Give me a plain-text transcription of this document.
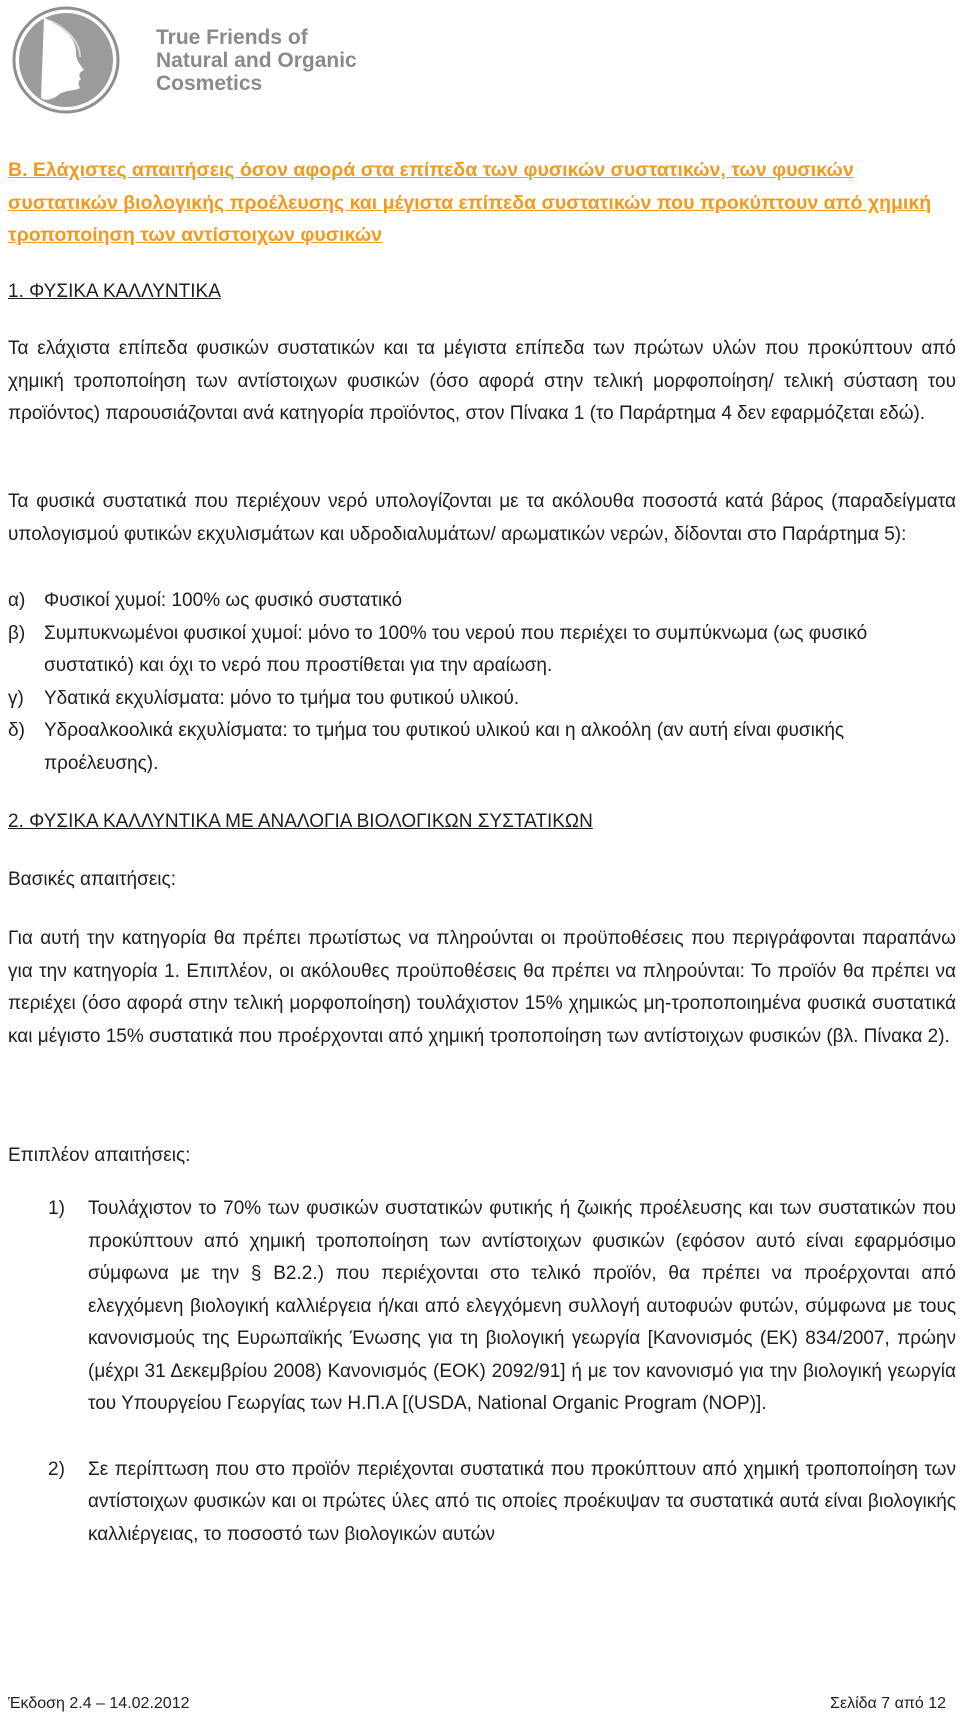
True Friends of
Natural and Organic
Cosmetics
B. Ελάχιστες απαιτήσεις όσον αφορά στα επίπεδα των φυσικών συστατικών, των φυσικών συστατικών βιολογικής προέλευσης και μέγιστα επίπεδα συστατικών που προκύπτουν από χημική τροποποίηση των αντίστοιχων φυσικών
1. ΦΥΣΙΚΑ ΚΑΛΛΥΝΤΙΚΑ
Τα ελάχιστα επίπεδα φυσικών συστατικών και τα μέγιστα επίπεδα των πρώτων υλών που προκύπτουν από χημική τροποποίηση των αντίστοιχων φυσικών (όσο αφορά στην τελική μορφοποίηση/ τελική σύσταση του προϊόντος) παρουσιάζονται ανά κατηγορία προϊόντος, στον Πίνακα 1 (το Παράρτημα 4 δεν εφαρμόζεται εδώ).
Τα φυσικά συστατικά που περιέχουν νερό υπολογίζονται με τα ακόλουθα ποσοστά κατά βάρος (παραδείγματα υπολογισμού φυτικών εκχυλισμάτων και υδροδιαλυμάτων/ αρωματικών νερών, δίδονται στο Παράρτημα 5):
α) Φυσικοί χυμοί: 100% ως φυσικό συστατικό
β) Συμπυκνωμένοι φυσικοί χυμοί: μόνο το 100% του νερού που περιέχει το συμπύκνωμα (ως φυσικό συστατικό) και όχι το νερό που προστίθεται για την αραίωση.
γ)	Υδατικά εκχυλίσματα: μόνο το τμήμα του φυτικού υλικού.
δ)	Υδροαλκοολικά εκχυλίσματα: το τμήμα του φυτικού υλικού και η αλκοόλη (αν αυτή είναι φυσικής προέλευσης).
2. ΦΥΣΙΚΑ ΚΑΛΛΥΝΤΙΚΑ ΜΕ ΑΝΑΛΟΓΙΑ ΒΙΟΛΟΓΙΚΩΝ ΣΥΣΤΑΤΙΚΩΝ
Βασικές απαιτήσεις:
Για αυτή την κατηγορία θα πρέπει πρωτίστως να πληρούνται οι προϋποθέσεις που περιγράφονται παραπάνω για την κατηγορία 1. Επιπλέον, οι ακόλουθες προϋποθέσεις θα πρέπει να πληρούνται: Το προϊόν θα πρέπει να περιέχει (όσο αφορά στην τελική μορφοποίηση) τουλάχιστον 15% χημικώς μη-τροποποιημένα φυσικά συστατικά και μέγιστο 15% συστατικά που προέρχονται από χημική τροποποίηση των αντίστοιχων φυσικών (βλ. Πίνακα 2).
Επιπλέον απαιτήσεις:
1)	Τουλάχιστον το 70% των φυσικών συστατικών φυτικής ή ζωικής προέλευσης και των συστατικών που προκύπτουν από χημική τροποποίηση των αντίστοιχων φυσικών (εφόσον αυτό είναι εφαρμόσιμο σύμφωνα με την § Β2.2.) που περιέχονται στο τελικό προϊόν, θα πρέπει να προέρχονται από ελεγχόμενη βιολογική καλλιέργεια ή/και από ελεγχόμενη συλλογή αυτοφυών φυτών, σύμφωνα με τους κανονισμούς της Ευρωπαϊκής Ένωσης για τη βιολογική γεωργία [Κανονισμός (ΕΚ) 834/2007, πρώην (μέχρι 31 Δεκεμβρίου 2008) Κανονισμός (ΕΟΚ) 2092/91] ή με τον κανονισμό για την βιολογική γεωργία του Υπουργείου Γεωργίας των Η.Π.Α [(USDA, National Organic Program (NOP)].
2)	Σε περίπτωση που στο προϊόν περιέχονται συστατικά που προκύπτουν από χημική τροποποίηση των αντίστοιχων φυσικών και οι πρώτες ύλες από τις οποίες προέκυψαν τα συστατικά αυτά είναι βιολογικής καλλιέργειας, το ποσοστό των βιολογικών αυτών
Έκδοση 2.4 – 14.02.2012	Σελίδα 7 από 12
